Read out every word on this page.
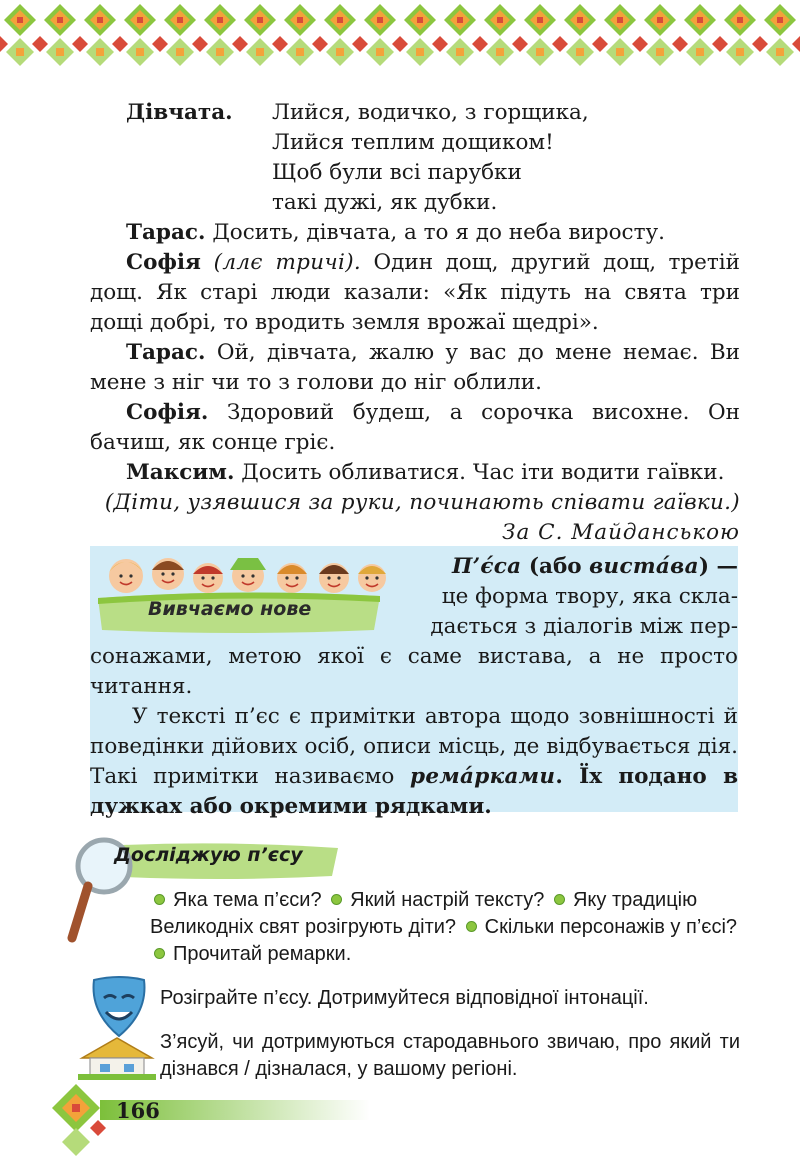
Дівчата. Лийся, водичко, з горщика,
Лийся теплим дощиком!
Щоб були всі парубки
такі дужі, як дубки.

Тарас. Досить, дівчата, а то я до неба виросту.

Софія (ллє тричі). Один дощ, другий дощ, третій дощ. Як старі люди казали: «Як підуть на свята три дощі добрі, то вродить земля врожаї щедрі».

Тарас. Ой, дівчата, жалю у вас до мене немає. Ви мене з ніг чи то з голови до ніг облили.

Софія. Здоровий будеш, а сорочка висохне. Он бачиш, як сонце гріє.

Максим. Досить обливатися. Час іти водити гаївки.

(Діти, узявшися за руки, починають співати гаївки.)

За С. Майданською

Вивчаємо нове
П’є́са (або виста́ва) —
це форма твору, яка скла-
дається з діалогів між пер-

сонажами, метою якої є саме вистава, а не просто читання.

У тексті п’єс є примітки автора щодо зовнішності й поведінки дійових осіб, описи місць, де відбувається дія. Такі примітки називаємо ремáрками. Їх подано в дужках або окремими рядками.

Досліджую п’єсу
Яка тема п’єси? Який настрій тексту? Яку традицію Великодніх свят розігрують діти? Скільки персонажів у п’єсі? Прочитай ремарки.
Розіграйте п’єсу. Дотримуйтеся відповідної інтонації.
З’ясуй, чи дотримуються стародавнього звичаю, про який ти дізнався / дізналася, у вашому регіоні.
166
